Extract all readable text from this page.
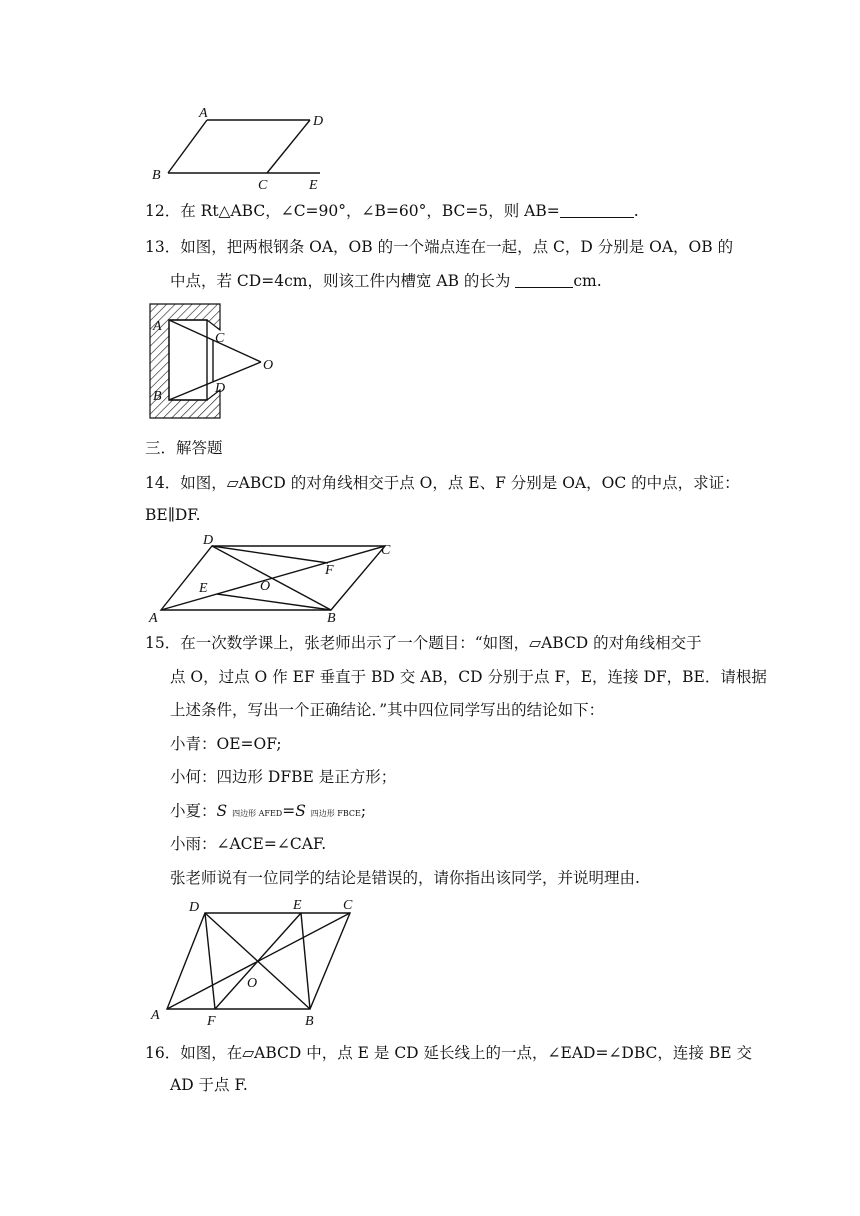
A
D
B
C	E
12．在 Rt△ABC，∠C=90°，∠B=60°，BC=5，则 AB=	.
13．如图，把两根钢条 OA，OB 的一个端点连在一起，点 C，D 分别是 OA，OB 的
中点，若 CD=4cm，则该工件内槽宽 AB 的长为	cm.
A
C
O
D
B
三．解答题
14．如图，▱ABCD 的对角线相交于点 O，点 E、F 分别是 OA，OC 的中点，求证：
BE∥DF.
D
C
F
E	O
A	B
15．在一次数学课上，张老师出示了一个题目：“如图，▱ABCD 的对角线相交于
点 O，过点 O 作 EF 垂直于 BD 交 AB，CD 分别于点 F，E，连接 DF，BE．请根据
上述条件，写出一个正确结论．”其中四位同学写出的结论如下：
小青：OE=OF;
小何：四边形 DFBE 是正方形；
小夏：S 四边形 AFED=S 四边形 FBCE;
小雨：∠ACE=∠CAF.
张老师说有一位同学的结论是错误的，请你指出该同学，并说明理由.
D	E	C
O
A	F	B
16．如图，在▱ABCD 中，点 E 是 CD 延长线上的一点，∠EAD=∠DBC，连接 BE 交
AD 于点 F.
